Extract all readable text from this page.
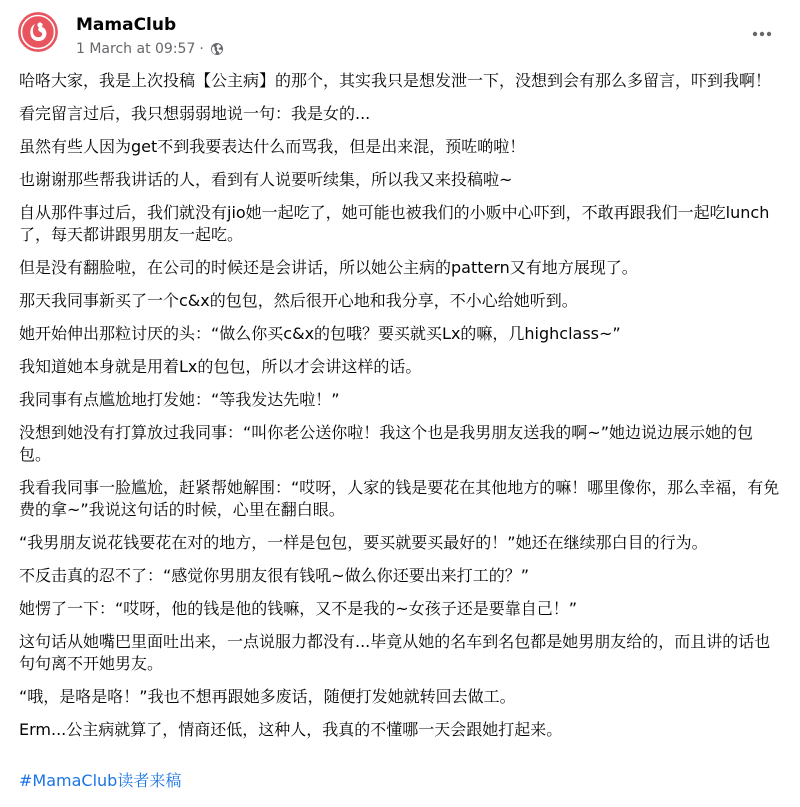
MamaClub
1 March at 09:57 ·

哈咯大家，我是上次投稿【公主病】的那个，其实我只是想发泄一下，没想到会有那么多留言，吓到我啊！

看完留言过后，我只想弱弱地说一句：我是女的...

虽然有些人因为get不到我要表达什么而骂我，但是出来混，预咗啲啦！

也谢谢那些帮我讲话的人，看到有人说要听续集，所以我又来投稿啦~

自从那件事过后，我们就没有jio她一起吃了，她可能也被我们的小贩中心吓到，不敢再跟我们一起吃lunch了，每天都讲跟男朋友一起吃。

但是没有翻脸啦，在公司的时候还是会讲话，所以她公主病的pattern又有地方展现了。

那天我同事新买了一个c&x的包包，然后很开心地和我分享，不小心给她听到。

她开始伸出那粒讨厌的头：“做么你买c&x的包哦？要买就买Lx的嘛，几highclass~”

我知道她本身就是用着Lx的包包，所以才会讲这样的话。

我同事有点尴尬地打发她：“等我发达先啦！”

没想到她没有打算放过我同事：“叫你老公送你啦！我这个也是我男朋友送我的啊~”她边说边展示她的包包。

我看我同事一脸尴尬，赶紧帮她解围：“哎呀，人家的钱是要花在其他地方的嘛！哪里像你，那么幸福，有免费的拿~”我说这句话的时候，心里在翻白眼。

“我男朋友说花钱要花在对的地方，一样是包包，要买就要买最好的！”她还在继续那白目的行为。

不反击真的忍不了：“感觉你男朋友很有钱吼~做么你还要出来打工的？”

她愣了一下：“哎呀，他的钱是他的钱嘛，又不是我的~女孩子还是要靠自己！”

这句话从她嘴巴里面吐出来，一点说服力都没有...毕竟从她的名车到名包都是她男朋友给的，而且讲的话也句句离不开她男友。

“哦，是咯是咯！”我也不想再跟她多废话，随便打发她就转回去做工。

Erm...公主病就算了，情商还低，这种人，我真的不懂哪一天会跟她打起来。

#MamaClub读者来稿
